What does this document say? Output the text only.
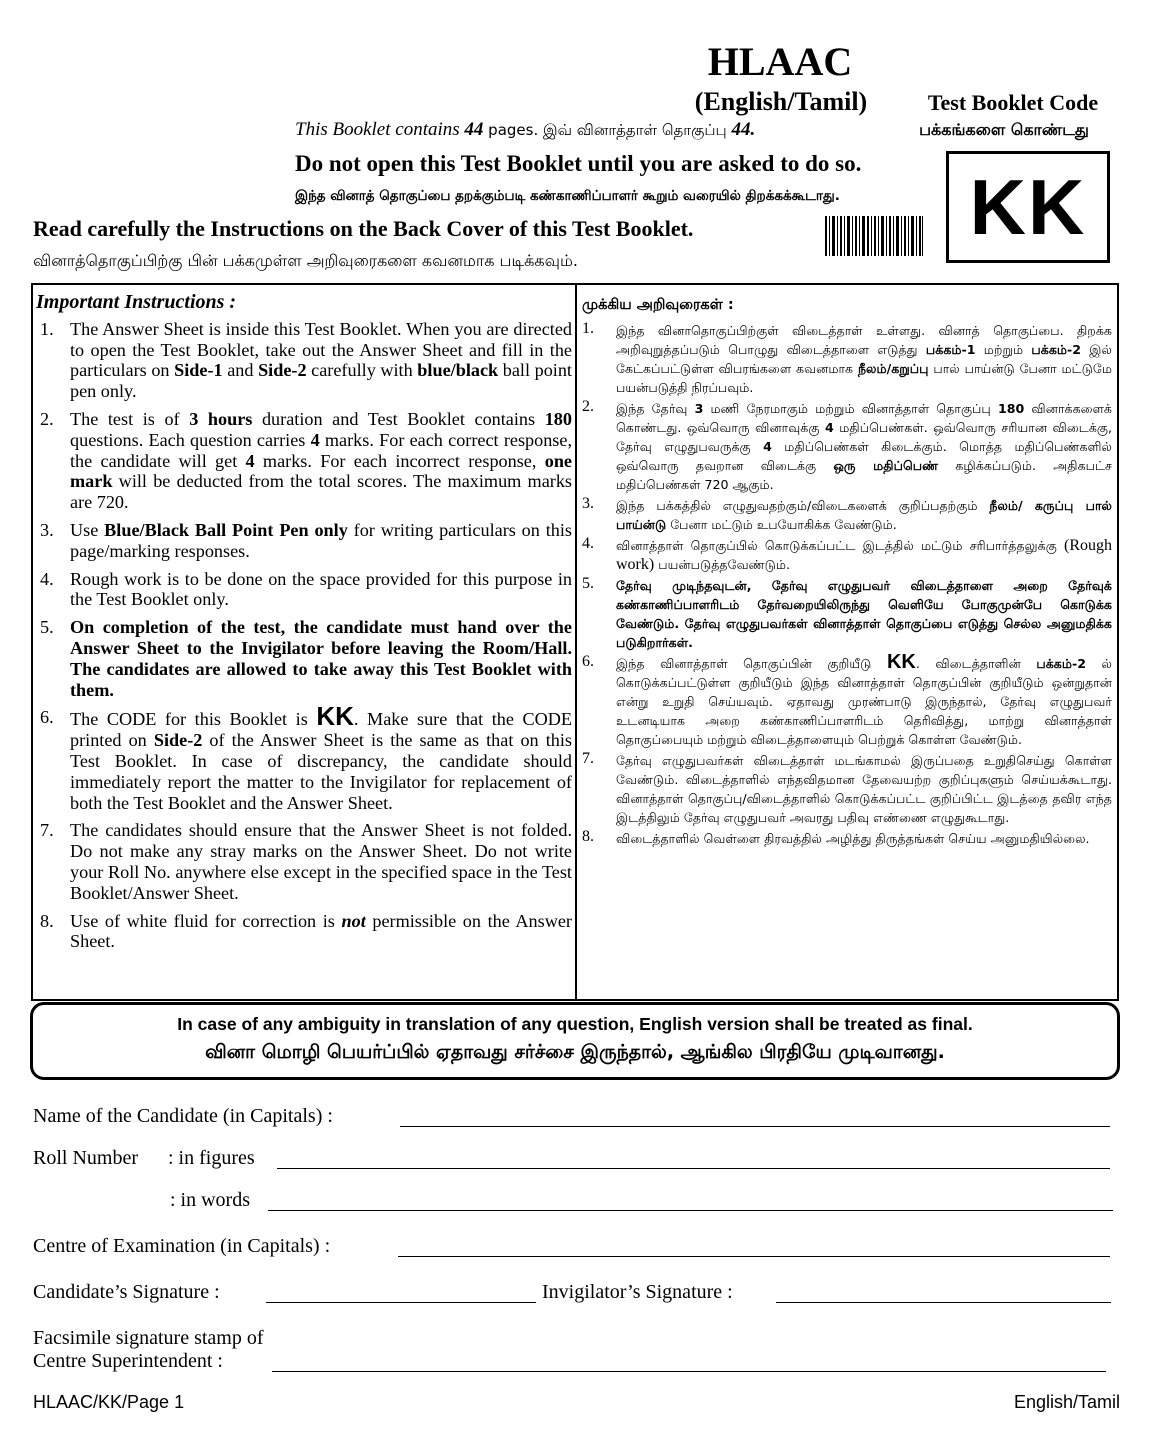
HLAAC
(English/Tamil)	Test Booklet Code
This Booklet contains 44 pages. இவ் வினாத்தாள் தொகுப்பு 44.	பக்கங்களை கொண்டது
Do not open this Test Booklet until you are asked to do so.
இந்த வினாத் தொகுப்பை தறக்கும்படி கண்காணிப்பாளர் கூறும் வரையில் திறக்கக்கூடாது.
Read carefully the Instructions on the Back Cover of this Test Booklet.
வினாத்தொகுப்பிற்கு பின் பக்கமுள்ள அறிவுரைகளை கவனமாக படிக்கவும்.
KK
Important Instructions :
1. The Answer Sheet is inside this Test Booklet. When you are directed to open the Test Booklet, take out the Answer Sheet and fill in the particulars on Side-1 and Side-2 carefully with blue/black ball point pen only.
2. The test is of 3 hours duration and Test Booklet contains 180 questions. Each question carries 4 marks. For each correct response, the candidate will get 4 marks. For each incorrect response, one mark will be deducted from the total scores. The maximum marks are 720.
3. Use Blue/Black Ball Point Pen only for writing particulars on this page/marking responses.
4. Rough work is to be done on the space provided for this purpose in the Test Booklet only.
5. On completion of the test, the candidate must hand over the Answer Sheet to the Invigilator before leaving the Room/Hall. The candidates are allowed to take away this Test Booklet with them.
6. The CODE for this Booklet is KK. Make sure that the CODE printed on Side-2 of the Answer Sheet is the same as that on this Test Booklet. In case of discrepancy, the candidate should immediately report the matter to the Invigilator for replacement of both the Test Booklet and the Answer Sheet.
7. The candidates should ensure that the Answer Sheet is not folded. Do not make any stray marks on the Answer Sheet. Do not write your Roll No. anywhere else except in the specified space in the Test Booklet/Answer Sheet.
8. Use of white fluid for correction is not permissible on the Answer Sheet.
முக்கிய அறிவுரைகள் :
1. இந்த வினாதொகுப்பிற்குள் விடைத்தாள் உள்ளது. வினாத் தொகுப்பை. திறக்க அறிவுறுத்தப்படும் பொழுது விடைத்தாளை எடுத்து பக்கம்-1 மற்றும் பக்கம்-2 இல் கேட்கப்பட்டுள்ள விபரங்களை கவனமாக நீலம்/கறுப்பு பால் பாய்ன்டு பேனா மட்டுமே பயன்படுத்தி நிரப்பவும்.
2. இந்த தேர்வு 3 மணி நேரமாகும் மற்றும் வினாத்தாள் தொகுப்பு 180 வினாக்களைக் கொண்டது. ஒவ்வொரு வினாவுக்கு 4 மதிப்பெண்கள். ஒவ்வொரு சரியான விடைக்கு, தேர்வு எழுதுபவருக்கு 4 மதிப்பெண்கள் கிடைக்கும். மொத்த மதிப்பெண்களில் ஒவ்வொரு தவறான விடைக்கு ஒரு மதிப்பெண் கழிக்கப்படும். அதிகபட்ச மதிப்பெண்கள் 720 ஆகும்.
3. இந்த பக்கத்தில் எழுதுவதற்கும்/விடைகளைக் குறிப்பதற்கும் நீலம்/ கருப்பு பால் பாய்ன்டு பேனா மட்டும் உபயோகிக்க வேண்டும்.
4. வினாத்தாள் தொகுப்பில் கொடுக்கப்பட்ட இடத்தில் மட்டும் சரிபார்த்தலுக்கு (Rough work) பயன்படுத்தவேண்டும்.
5. தேர்வு முடிந்தவுடன், தேர்வு எழுதுபவர் விடைத்தாளை அறை தேர்வுக் கண்காணிப்பாளரிடம் தேர்வறையிலிருந்து வெளியே போகுமுன்பே கொடுக்க வேண்டும். தேர்வு எழுதுபவர்கள் வினாத்தாள் தொகுப்பை எடுத்து செல்ல அனுமதிக்க படுகிறார்கள்.
6. இந்த வினாத்தாள் தொகுப்பின் குறியீடு KK. விடைத்தாளின் பக்கம்-2 ல் கொடுக்கப்பட்டுள்ள குறியீடும் இந்த வினாத்தாள் தொகுப்பின் குறியீடும் ஒன்றுதான் என்று உறுதி செய்யவும். ஏதாவது முரண்பாடு இருந்தால், தேர்வு எழுதுபவர் உடனடியாக அறை கண்காணிப்பாளரிடம் தெரிவித்து, மாற்று வினாத்தாள் தொகுப்பையும் மற்றும் விடைத்தாளையும் பெற்றுக் கொள்ள வேண்டும்.
7. தேர்வு எழுதுபவர்கள் விடைத்தாள் மடங்காமல் இருப்பதை உறுதிசெய்து கொள்ள வேண்டும். விடைத்தாளில் எந்தவிதமான தேவையற்ற குறிப்புகளும் செய்யக்கூடாது. வினாத்தாள் தொகுப்பு/விடைத்தாளில் கொடுக்கப்பட்ட குறிப்பிட்ட இடத்தை தவிர எந்த இடத்திலும் தேர்வு எழுதுபவர் அவரது பதிவு எண்ணை எழுதுகூடாது.
8. விடைத்தாளில் வெள்ளை திரவத்தில் அழித்து திருத்தங்கள் செய்ய அனுமதியில்லை.
In case of any ambiguity in translation of any question, English version shall be treated as final.
வினா மொழி பெயர்ப்பில் ஏதாவது சர்ச்சை இருந்தால், ஆங்கில பிரதியே முடிவானது.
Name of the Candidate (in Capitals) :
Roll Number : in figures
: in words
Centre of Examination (in Capitals) :
Candidate’s Signature :	Invigilator’s Signature :
Facsimile signature stamp of
Centre Superintendent :
HLAAC/KK/Page 1	English/Tamil
